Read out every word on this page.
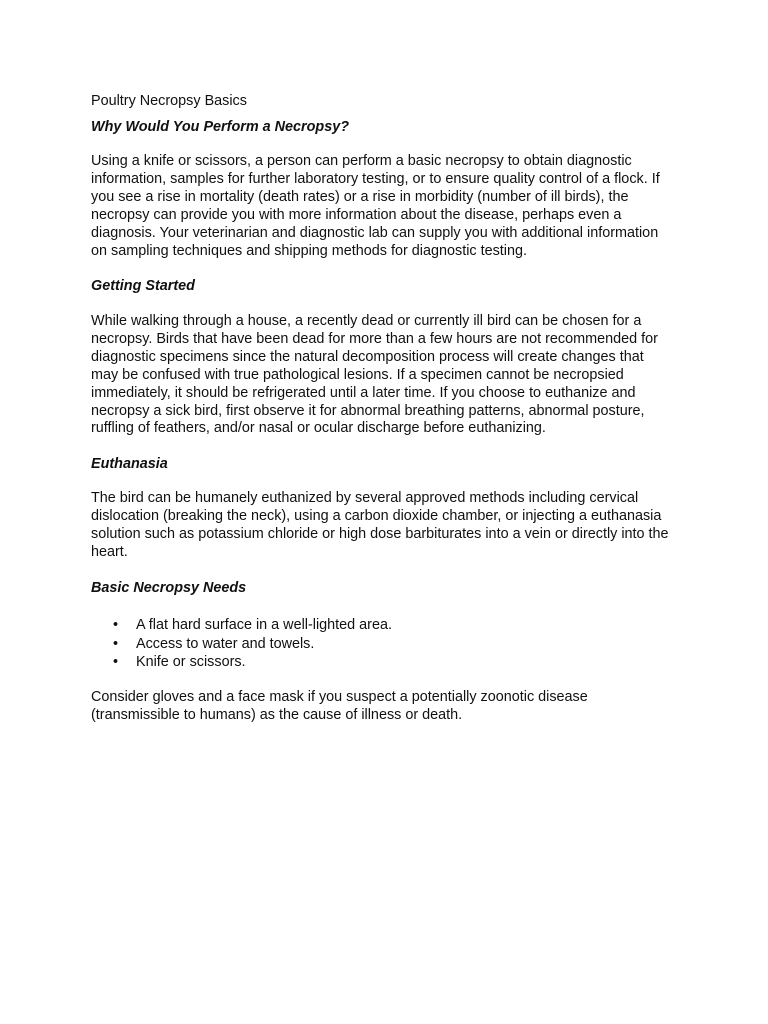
Poultry Necropsy Basics

Why Would You Perform a Necropsy?

Using a knife or scissors, a person can perform a basic necropsy to obtain diagnostic
information, samples for further laboratory testing, or to ensure quality control of a flock. If
you see a rise in mortality (death rates) or a rise in morbidity (number of ill birds), the
necropsy can provide you with more information about the disease, perhaps even a
diagnosis. Your veterinarian and diagnostic lab can supply you with additional information
on sampling techniques and shipping methods for diagnostic testing.

Getting Started

While walking through a house, a recently dead or currently ill bird can be chosen for a
necropsy. Birds that have been dead for more than a few hours are not recommended for
diagnostic specimens since the natural decomposition process will create changes that
may be confused with true pathological lesions. If a specimen cannot be necropsied
immediately, it should be refrigerated until a later time. If you choose to euthanize and
necropsy a sick bird, first observe it for abnormal breathing patterns, abnormal posture,
ruffling of feathers, and/or nasal or ocular discharge before euthanizing.

Euthanasia

The bird can be humanely euthanized by several approved methods including cervical
dislocation (breaking the neck), using a carbon dioxide chamber, or injecting a euthanasia
solution such as potassium chloride or high dose barbiturates into a vein or directly into the
heart.

Basic Necropsy Needs

• A flat hard surface in a well-lighted area.
• Access to water and towels.
• Knife or scissors.

Consider gloves and a face mask if you suspect a potentially zoonotic disease
(transmissible to humans) as the cause of illness or death.
